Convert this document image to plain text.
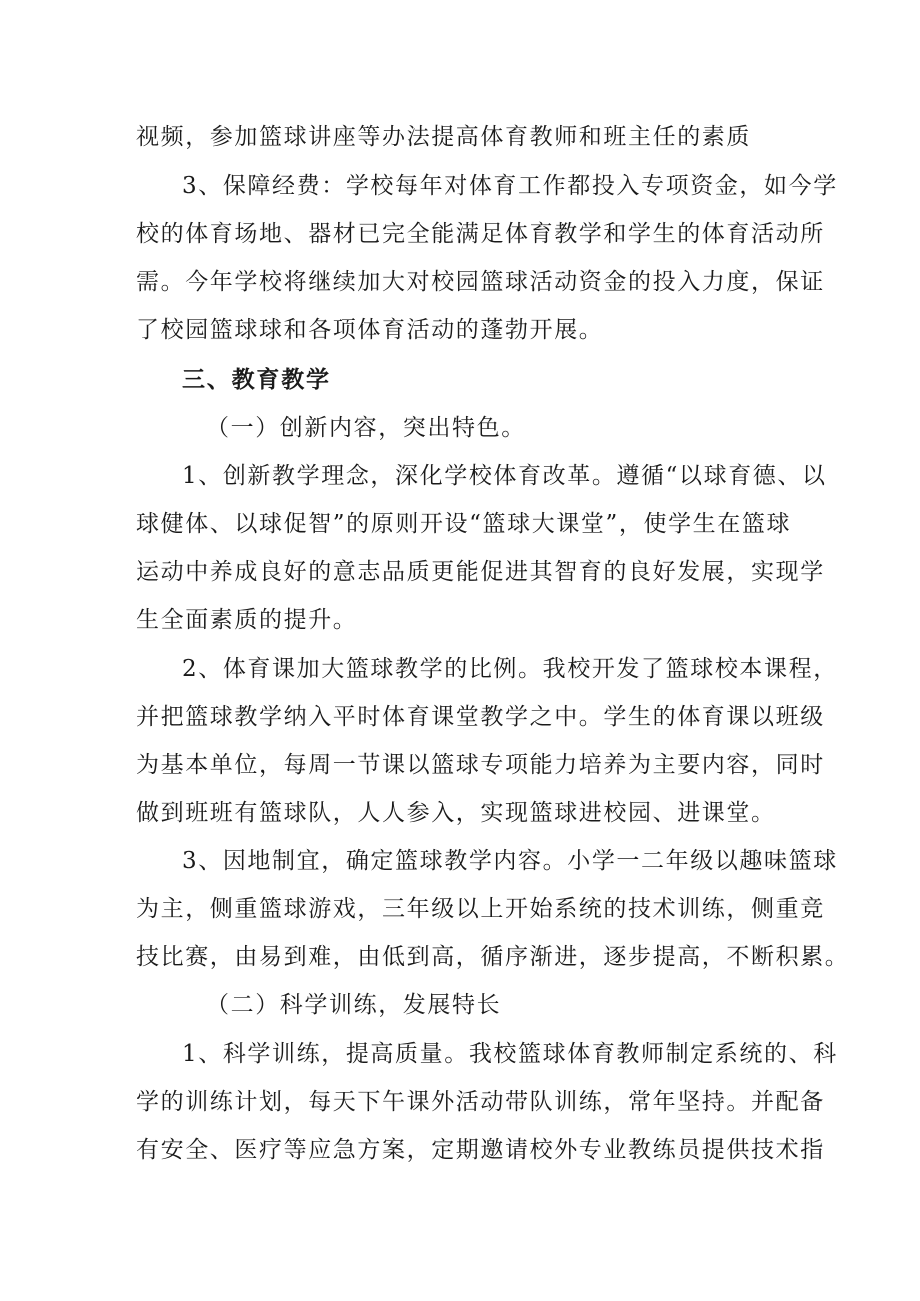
视频，参加篮球讲座等办法提高体育教师和班主任的素质
3、保障经费：学校每年对体育工作都投入专项资金，如今学
校的体育场地、器材已完全能满足体育教学和学生的体育活动所
需。今年学校将继续加大对校园篮球活动资金的投入力度，保证
了校园篮球球和各项体育活动的蓬勃开展。
三、教育教学
（一）创新内容，突出特色。
1、创新教学理念，深化学校体育改革。遵循“以球育德、以
球健体、以球促智”的原则开设“篮球大课堂”，使学生在篮球
运动中养成良好的意志品质更能促进其智育的良好发展，实现学
生全面素质的提升。
2、体育课加大篮球教学的比例。我校开发了篮球校本课程，
并把篮球教学纳入平时体育课堂教学之中。学生的体育课以班级
为基本单位，每周一节课以篮球专项能力培养为主要内容，同时
做到班班有篮球队，人人参入，实现篮球进校园、进课堂。
3、因地制宜，确定篮球教学内容。小学一二年级以趣味篮球
为主，侧重篮球游戏，三年级以上开始系统的技术训练，侧重竞
技比赛，由易到难，由低到高，循序渐进，逐步提高，不断积累。
（二）科学训练，发展特长
1、科学训练，提高质量。我校篮球体育教师制定系统的、科
学的训练计划，每天下午课外活动带队训练，常年坚持。并配备
有安全、医疗等应急方案，定期邀请校外专业教练员提供技术指
